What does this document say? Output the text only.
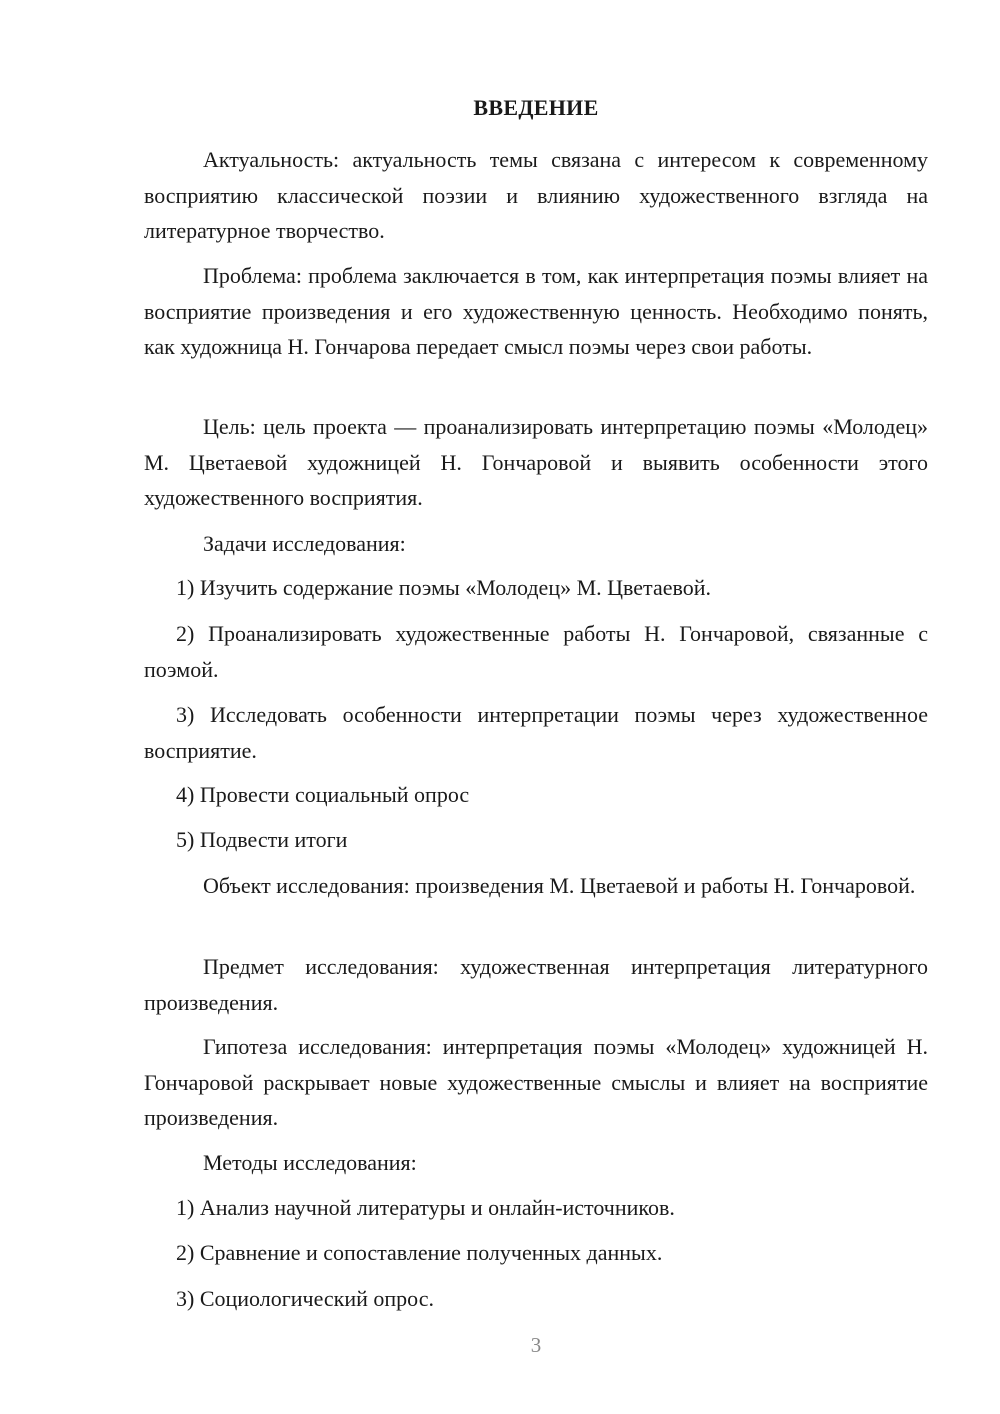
ВВЕДЕНИЕ

Актуальность: актуальность темы связана с интересом к современному восприятию классической поэзии и влиянию художественного взгляда на литературное творчество.

Проблема: проблема заключается в том, как интерпретация поэмы влияет на восприятие произведения и его художественную ценность. Необходимо понять, как художница Н. Гончарова передает смысл поэмы через свои работы.

Цель: цель проекта — проанализировать интерпретацию поэмы «Молодец» М. Цветаевой художницей Н. Гончаровой и выявить особенности этого художественного восприятия.

Задачи исследования:

1) Изучить содержание поэмы «Молодец» М. Цветаевой.

2) Проанализировать художественные работы Н. Гончаровой, связанные с поэмой.

3) Исследовать особенности интерпретации поэмы через художественное восприятие.

4) Провести социальный опрос

5) Подвести итоги

Объект исследования: произведения М. Цветаевой и работы Н. Гончаровой.

Предмет исследования: художественная интерпретация литературного произведения.

Гипотеза исследования: интерпретация поэмы «Молодец» художницей Н. Гончаровой раскрывает новые художественные смыслы и влияет на восприятие произведения.

Методы исследования:

1) Анализ научной литературы и онлайн-источников.

2) Сравнение и сопоставление полученных данных.

3) Социологический опрос.

3
